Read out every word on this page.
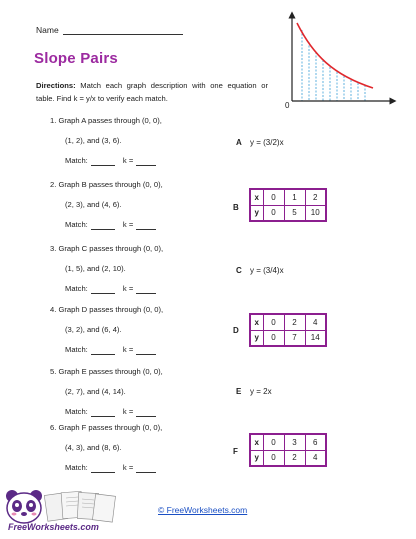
Name
Slope Pairs
0
Directions: Match each graph description with one equation or table. Find k = y/x to verify each match.
1. Graph A passes through (0, 0),
(1, 2), and (3, 6).
Match:	k =
2. Graph B passes through (0, 0),
(2, 3), and (4, 6).
Match:	k =
3. Graph C passes through (0, 0),
(1, 5), and (2, 10).
Match:	k =
4. Graph D passes through (0, 0),
(3, 2), and (6, 4).
Match:	k =
5. Graph E passes through (0, 0),
(2, 7), and (4, 14).
Match:	k =
6. Graph F passes through (0, 0),
(4, 3), and (8, 6).
Match:	k =
A y = (3/2)x
B
x	0	1	2
y	0	5	10
C y = (3/4)x
D
x	0	2	4
y	0	7	14
E y = 2x
F
x	0	3	6
y	0	2	4
FreeWorksheets.com
© FreeWorksheets.com
